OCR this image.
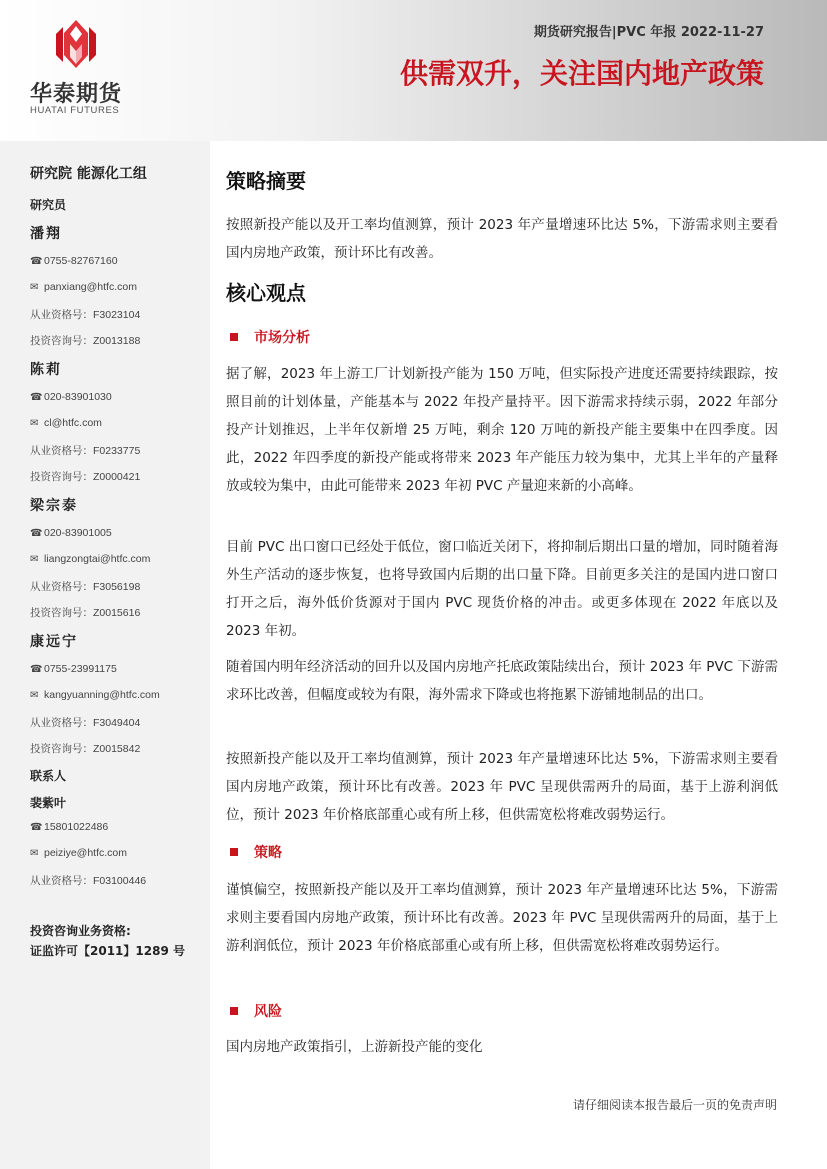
华泰期货
HUATAI FUTURES
期货研究报告|PVC 年报 2022-11-27
供需双升，关注国内地产政策
研究院 能源化工组
研究员
潘翔
☎ 0755-82767160
✉ panxiang@htfc.com
从业资格号：F3023104
投资咨询号：Z0013188
陈莉
☎ 020-83901030
✉ cl@htfc.com
从业资格号：F0233775
投资咨询号：Z0000421
梁宗泰
☎ 020-83901005
✉ liangzongtai@htfc.com
从业资格号：F3056198
投资咨询号：Z0015616
康远宁
☎ 0755-23991175
✉ kangyuanning@htfc.com
从业资格号：F3049404
投资咨询号：Z0015842
联系人
裴紫叶
☎ 15801022486
✉ peiziye@htfc.com
从业资格号：F03100446
投资咨询业务资格:
证监许可【2011】1289 号
策略摘要

按照新投产能以及开工率均值测算，预计 2023 年产量增速环比达 5%，下游需求则主要看国内房地产政策，预计环比有改善。

核心观点
市场分析

据了解，2023 年上游工厂计划新投产能为 150 万吨，但实际投产进度还需要持续跟踪，按照目前的计划体量，产能基本与 2022 年投产量持平。因下游需求持续示弱，2022 年部分投产计划推迟，上半年仅新增 25 万吨，剩余 120 万吨的新投产能主要集中在四季度。因此，2022 年四季度的新投产能或将带来 2023 年产能压力较为集中，尤其上半年的产量释放或较为集中，由此可能带来 2023 年初 PVC 产量迎来新的小高峰。

目前 PVC 出口窗口已经处于低位，窗口临近关闭下，将抑制后期出口量的增加，同时随着海外生产活动的逐步恢复，也将导致国内后期的出口量下降。目前更多关注的是国内进口窗口打开之后，海外低价货源对于国内 PVC 现货价格的冲击。或更多体现在 2022 年底以及 2023 年初。

随着国内明年经济活动的回升以及国内房地产托底政策陆续出台，预计 2023 年 PVC 下游需求环比改善，但幅度或较为有限，海外需求下降或也将拖累下游铺地制品的出口。

按照新投产能以及开工率均值测算，预计 2023 年产量增速环比达 5%，下游需求则主要看国内房地产政策，预计环比有改善。2023 年 PVC 呈现供需两升的局面，基于上游利润低位，预计 2023 年价格底部重心或有所上移，但供需宽松将难改弱势运行。

策略

谨慎偏空，按照新投产能以及开工率均值测算，预计 2023 年产量增速环比达 5%，下游需求则主要看国内房地产政策，预计环比有改善。2023 年 PVC 呈现供需两升的局面，基于上游利润低位，预计 2023 年价格底部重心或有所上移，但供需宽松将难改弱势运行。

风险

国内房地产政策指引，上游新投产能的变化

请仔细阅读本报告最后一页的免责声明
